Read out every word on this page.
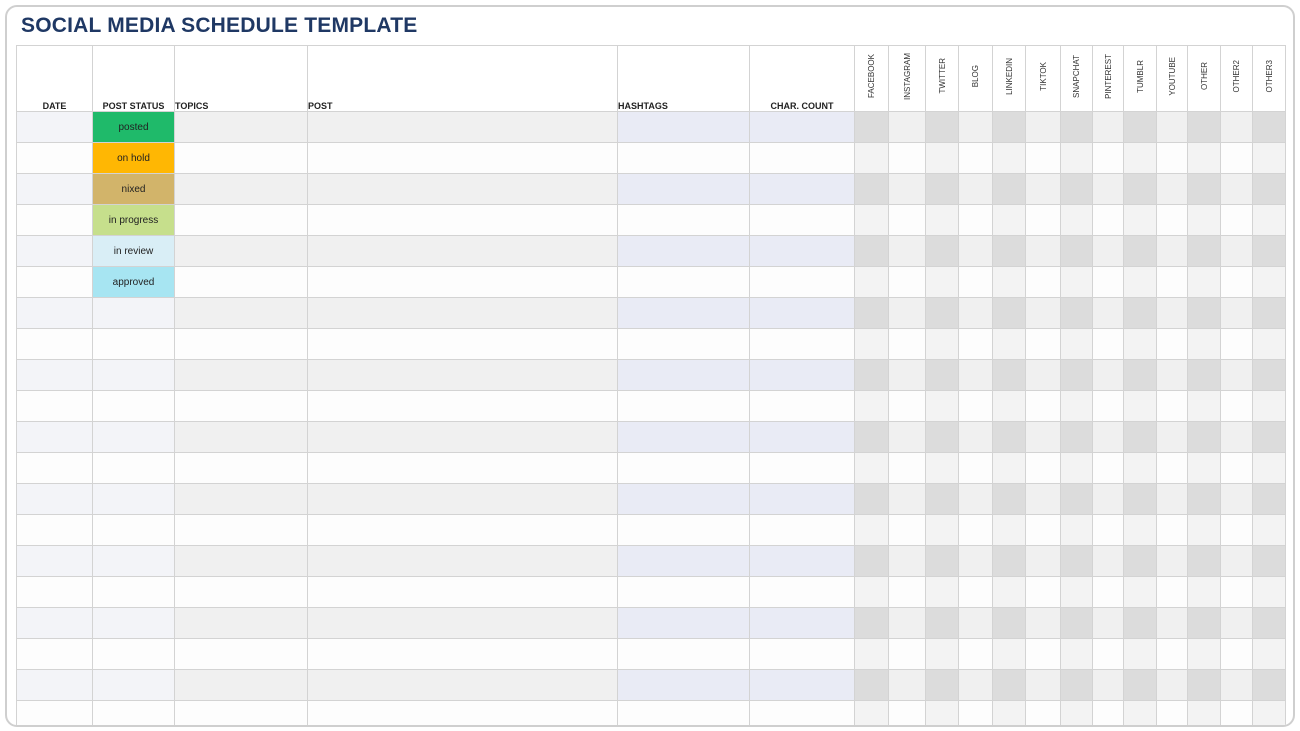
SOCIAL MEDIA SCHEDULE TEMPLATE
DATE	POST STATUS	TOPICS	POST	HASHTAGS	CHAR. COUNT	FACEBOOK	INSTAGRAM	TWITTER	BLOG	LINKEDIN	TIKTOK	SNAPCHAT	PINTEREST	TUMBLR	YOUTUBE	OTHER	OTHER2	OTHER3
	posted																	
	on hold																	
	nixed																	
	in progress																	
	in review																	
	approved																	
